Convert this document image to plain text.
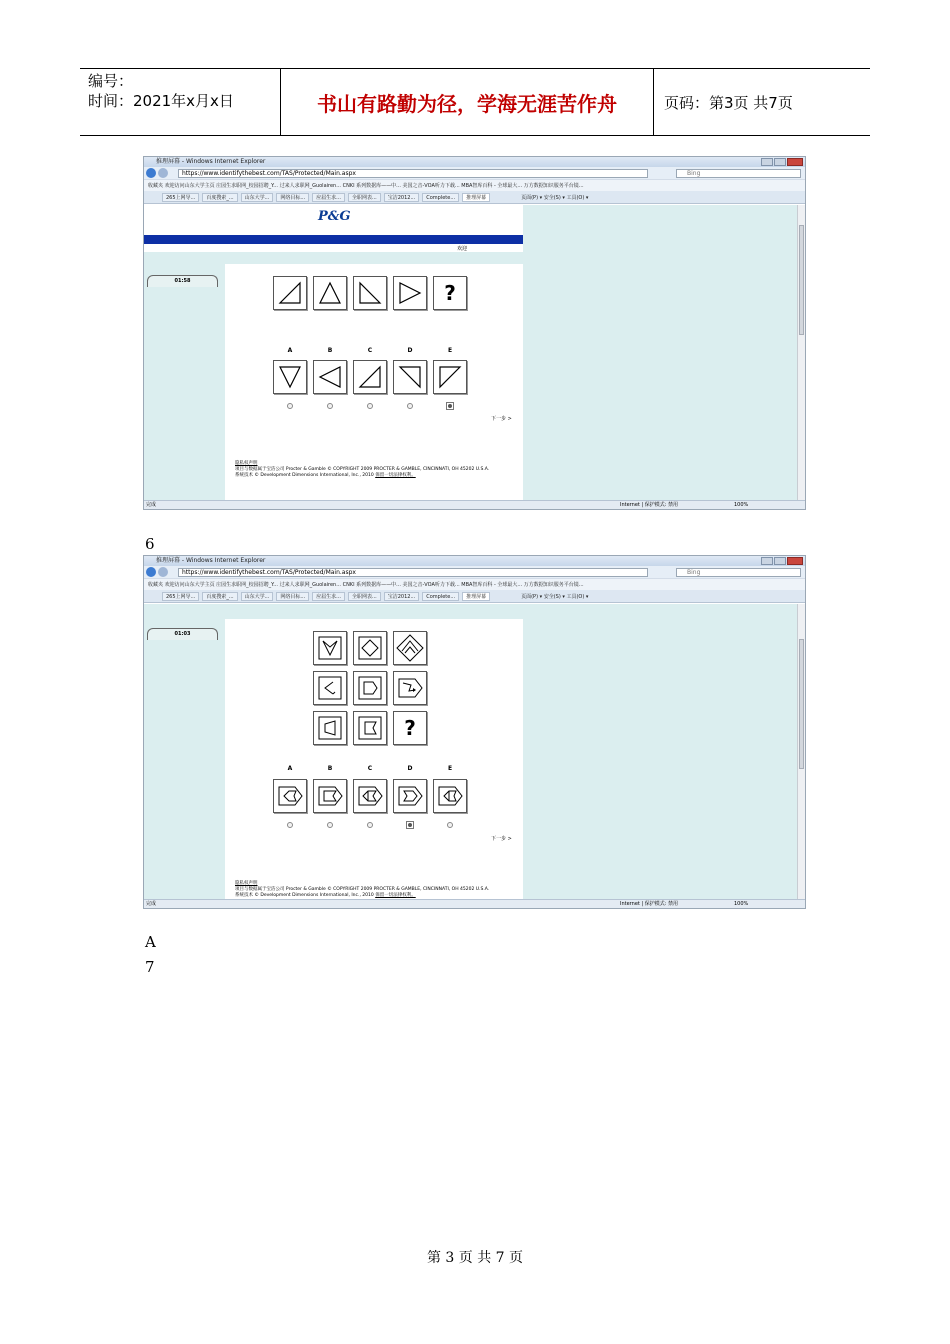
编号：
时间：2021年x月x日	书山有路勤为径，学海无涯苦作舟	页码：第3页 共7页
推理屏幕 - Windows Internet Explorer
https://www.identifythebest.com/TAS/Protected/Main.aspx	Bing
收藏夹 欢迎访问山东大学主页 庄园生求职网_校园招聘_Y... 过来人求职网_Guolairen... CNKI 系列数据库——中... 美国之音-VOA听力下载... MBA智库百科 - 全球最大... 万方数据知识服务平台镜...
265上网导...	百度搜索_...	山东大学...	网络目标...	应届生求...	全职网表...	宝洁2012...	Complete...	推理屏幕	页面(P) ▾ 安全(S) ▾ 工具(O) ▾
P&G
欢迎
01:58	?
A	B	C	D	E
下一步 >
隐私权声明
项目与数据属于宝洁公司 Procter & Gamble © COPYRIGHT 2009 PROCTER & GAMBLE, CINCINNATI, OH 45202 U.S.A.
系统技术 © Development Dimensions International, Inc., 2010 保留一切法律权利。
完成	Internet | 保护模式: 禁用	100%
6
推理屏幕 - Windows Internet Explorer
https://www.identifythebest.com/TAS/Protected/Main.aspx	Bing
收藏夹 欢迎访问山东大学主页 庄园生求职网_校园招聘_Y... 过来人求职网_Guolairen... CNKI 系列数据库——中... 美国之音-VOA听力下载... MBA智库百科 - 全球最大... 万方数据知识服务平台镜...
265上网导...	百度搜索_...	山东大学...	网络目标...	应届生求...	全职网表...	宝洁2012...	Complete...	推理屏幕	页面(P) ▾ 安全(S) ▾ 工具(O) ▾
01:03
?
A	B	C	D	E
下一步 >
隐私权声明
项目与数据属于宝洁公司 Procter & Gamble © COPYRIGHT 2009 PROCTER & GAMBLE, CINCINNATI, OH 45202 U.S.A.
系统技术 © Development Dimensions International, Inc., 2010 保留一切法律权利。
完成	Internet | 保护模式: 禁用	100%
A
7
第 3 页 共 7 页
